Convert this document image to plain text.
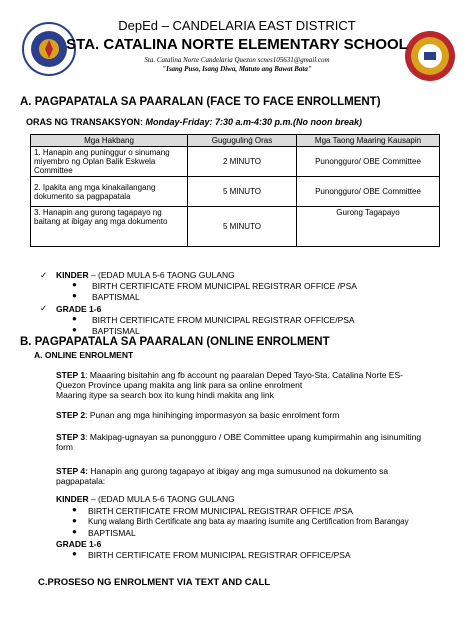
DepEd – CANDELARIA EAST DISTRICT
STA. CATALINA NORTE ELEMENTARY SCHOOL
Sta. Catalina Norte Candelaria Quezon scnes105631@gmail.com
"Isang Puso, Isang Diwa, Matuto ang Bawat Bata"
A. PAGPAPATALA SA PAARALAN (FACE TO FACE ENROLLMENT)
ORAS NG TRANSAKSYON: Monday-Friday: 7:30 a.m-4:30 p.m.(No noon break)
Mga Hakbang	Gugugulinǵ Oras	Mga Taong Maaring Kausapin
1. Hanapin ang puninggur o sinumang miyembro ng Oplan Balik Eskwela Committee	2 MINUTO	Punongguro/ OBE Committee
2. Ipakita ang mga kinakailangang dokumento sa pagpapatala	5 MINUTO	Punongguro/ OBE Committee
3. Hanapin ang gurong tagapayo ng baitang at ibigay ang mga dokumento	5 MINUTO	Gurong Tagapayo
✓ KINDER – (EDAD MULA 5-6 TAONG GULANG
● BIRTH CERTIFICATE FROM MUNICIPAL REGISTRAR OFFICE /PSA
● BAPTISMAL
✓ GRADE 1-6
● BIRTH CERTIFICATE FROM MUNICIPAL REGISTRAR OFFICE/PSA
● BAPTISMAL
B. PAGPAPATALA SA PAARALAN (ONLINE ENROLMENT
A. ONLINE ENROLMENT
STEP 1: Maaaring bisitahin ang fb account ng paaralan Deped Tayo-Sta. Catalina Norte ES-
Quezon Province upang makita ang link para sa online enrolment
Maaring itype sa search box ito kung hindi makita ang link
STEP 2: Punan ang mga hinihinging impormasyon sa basic enrolment form
STEP 3: Makipag-ugnayan sa punongguro / OBE Committee upang kumpirmahin ang isinumiting
form
STEP 4: Hanapin ang gurong tagapayo at ibigay ang mga sumusunod na dokumento sa
pagpapatala:
KINDER – (EDAD MULA 5-6 TAONG GULANG
● BIRTH CERTIFICATE FROM MUNICIPAL REGISTRAR OFFICE /PSA
● Kung walang Birth Certificate ang bata ay maaring isumite ang Certification from Barangay
● BAPTISMAL
GRADE 1-6
● BIRTH CERTIFICATE FROM MUNICIPAL REGISTRAR OFFICE/PSA
C.PROSESO NG ENROLMENT VIA TEXT AND CALL
